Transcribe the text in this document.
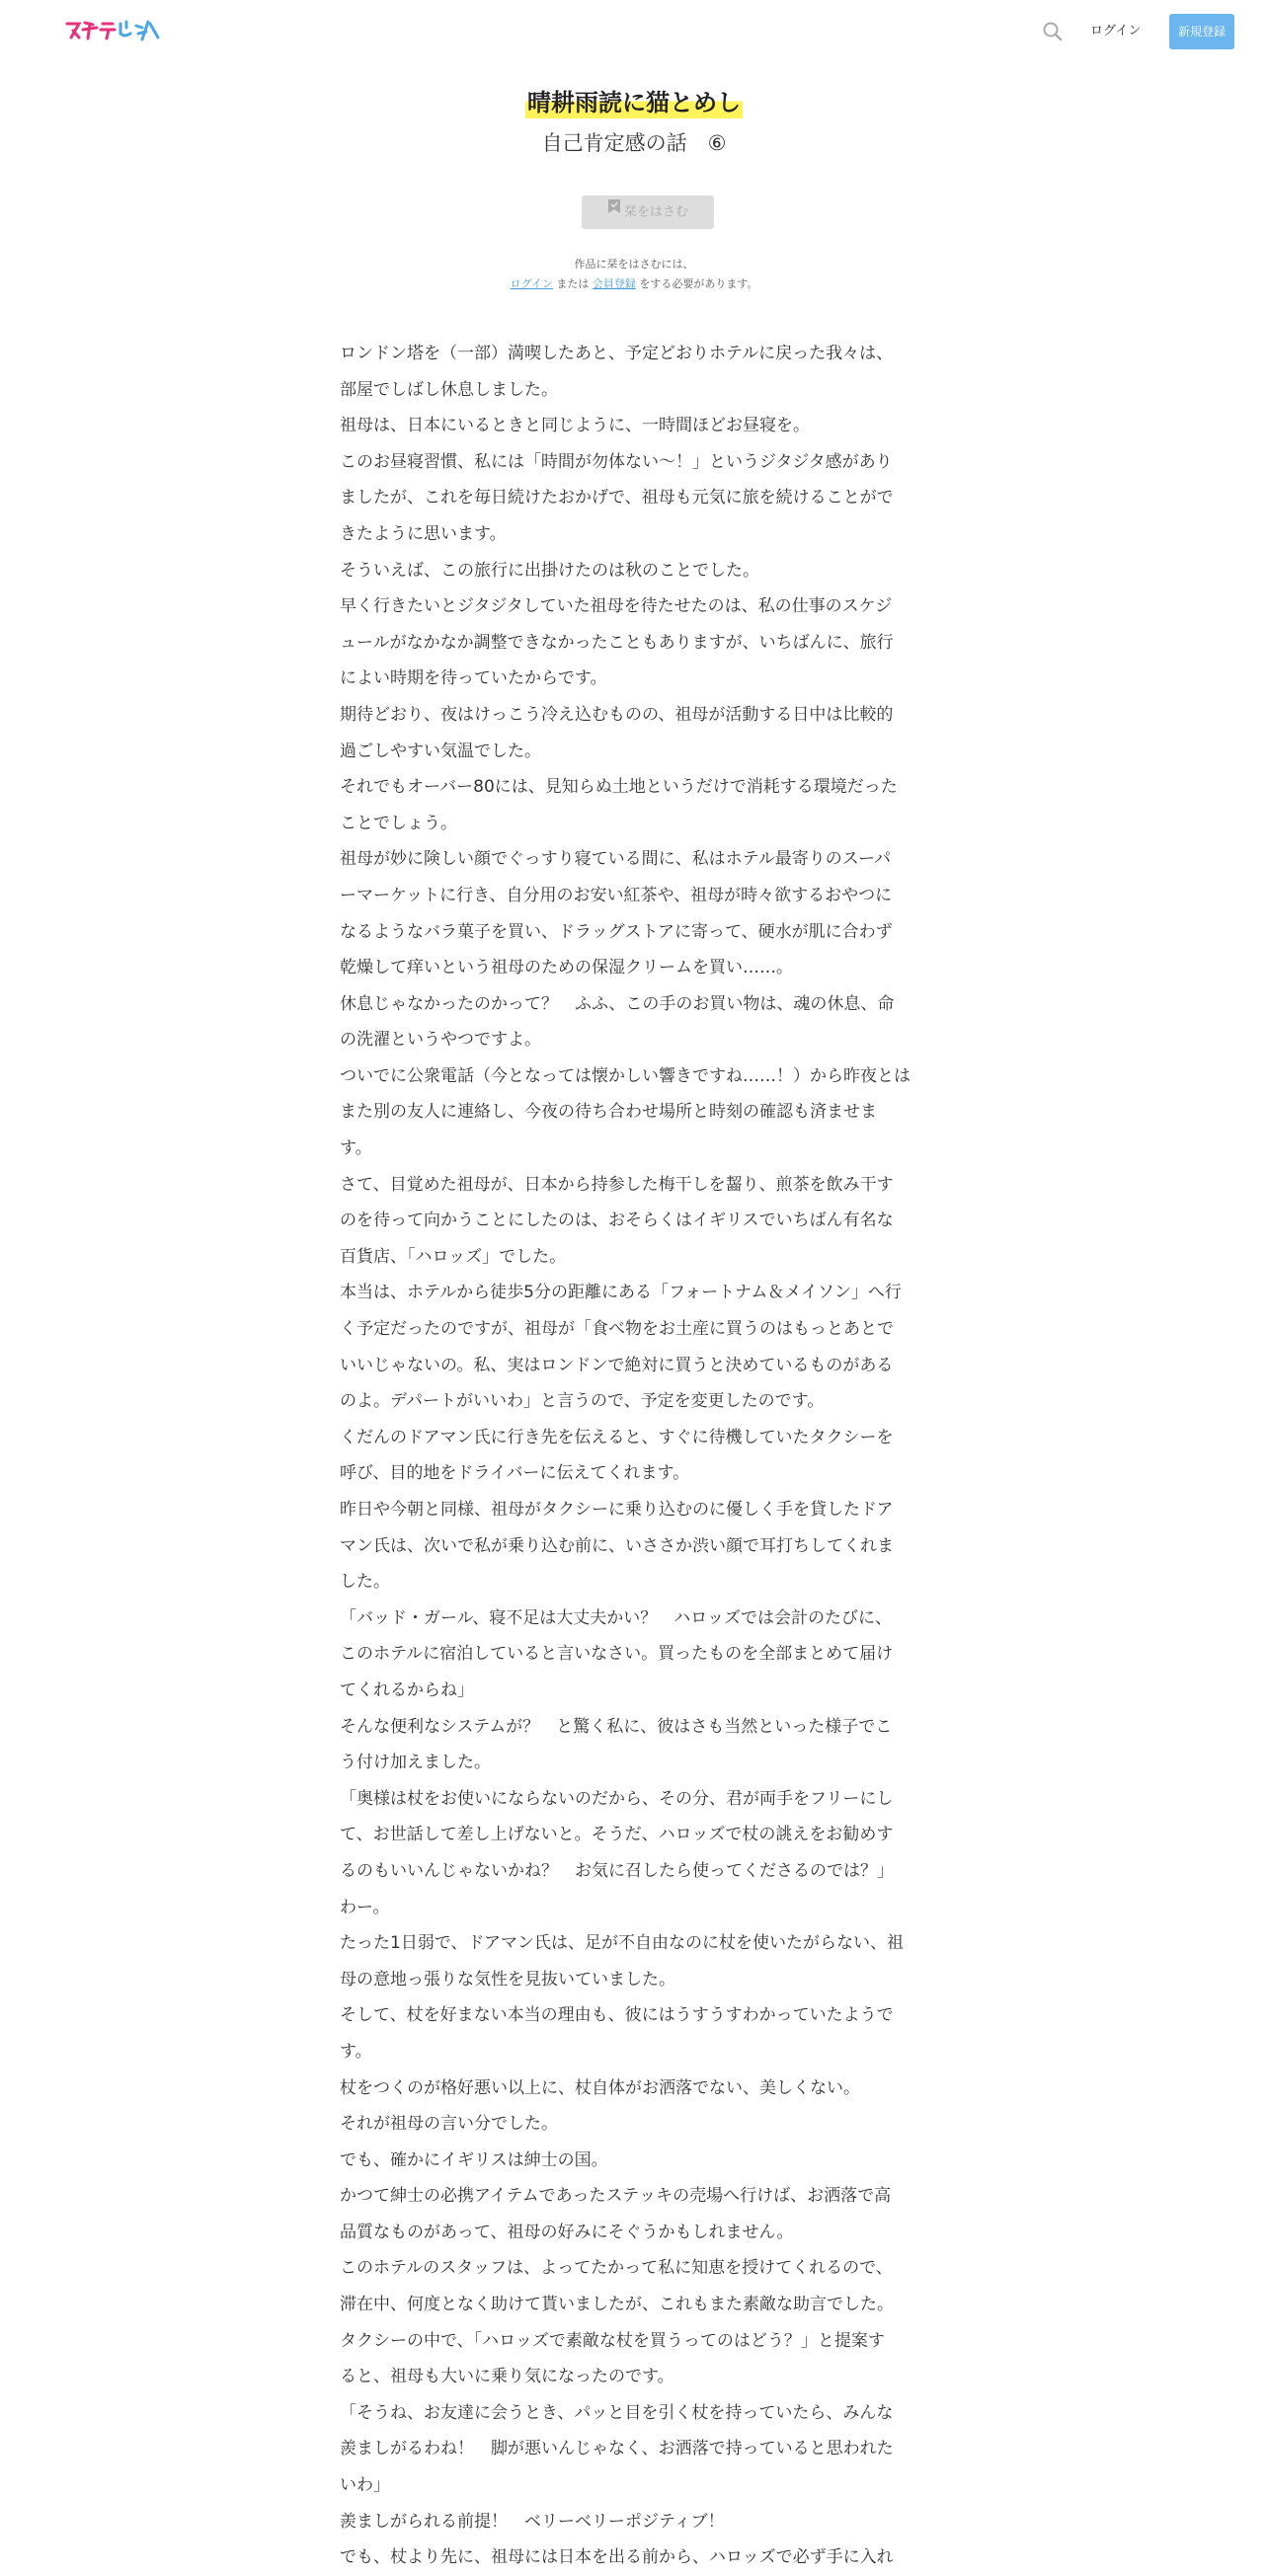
ログイン	新規登録
晴耕雨読に猫とめし
自己肯定感の話　⑥
栞をはさむ
作品に栞をはさむには、
ログイン または 会員登録 をする必要があります。

ロンドン塔を（一部）満喫したあと、予定どおりホテルに戻った我々は、

部屋でしばし休息しました。

祖母は、日本にいるときと同じように、一時間ほどお昼寝を。

このお昼寝習慣、私には「時間が勿体ない～！」というジタジタ感があり

ましたが、これを毎日続けたおかげで、祖母も元気に旅を続けることがで

きたように思います。

そういえば、この旅行に出掛けたのは秋のことでした。

早く行きたいとジタジタしていた祖母を待たせたのは、私の仕事のスケジ

ュールがなかなか調整できなかったこともありますが、いちばんに、旅行

によい時期を待っていたからです。

期待どおり、夜はけっこう冷え込むものの、祖母が活動する日中は比較的

過ごしやすい気温でした。

それでもオーバー80には、見知らぬ土地というだけで消耗する環境だった

ことでしょう。

祖母が妙に険しい顔でぐっすり寝ている間に、私はホテル最寄りのスーパ

ーマーケットに行き、自分用のお安い紅茶や、祖母が時々欲するおやつに

なるようなバラ菓子を買い、ドラッグストアに寄って、硬水が肌に合わず

乾燥して痒いという祖母のための保湿クリームを買い……。

休息じゃなかったのかって？　ふふ、この手のお買い物は、魂の休息、命

の洗濯というやつですよ。

ついでに公衆電話（今となっては懐かしい響きですね……！）から昨夜とは

また別の友人に連絡し、今夜の待ち合わせ場所と時刻の確認も済ませま

す。

さて、目覚めた祖母が、日本から持参した梅干しを齧り、煎茶を飲み干す

のを待って向かうことにしたのは、おそらくはイギリスでいちばん有名な

百貨店、「ハロッズ」でした。

本当は、ホテルから徒歩5分の距離にある「フォートナム＆メイソン」へ行

く予定だったのですが、祖母が「食べ物をお土産に買うのはもっとあとで

いいじゃないの。私、実はロンドンで絶対に買うと決めているものがある

のよ。デパートがいいわ」と言うので、予定を変更したのです。

くだんのドアマン氏に行き先を伝えると、すぐに待機していたタクシーを

呼び、目的地をドライバーに伝えてくれます。

昨日や今朝と同様、祖母がタクシーに乗り込むのに優しく手を貸したドア

マン氏は、次いで私が乗り込む前に、いささか渋い顔で耳打ちしてくれま

した。

「バッド・ガール、寝不足は大丈夫かい？　ハロッズでは会計のたびに、

このホテルに宿泊していると言いなさい。買ったものを全部まとめて届け

てくれるからね」

そんな便利なシステムが？　と驚く私に、彼はさも当然といった様子でこ

う付け加えました。

「奥様は杖をお使いにならないのだから、その分、君が両手をフリーにし

て、お世話して差し上げないと。そうだ、ハロッズで杖の誂えをお勧めす

るのもいいんじゃないかね？　お気に召したら使ってくださるのでは？」

わー。

たった1日弱で、ドアマン氏は、足が不自由なのに杖を使いたがらない、祖

母の意地っ張りな気性を見抜いていました。

そして、杖を好まない本当の理由も、彼にはうすうすわかっていたようで

す。

杖をつくのが格好悪い以上に、杖自体がお洒落でない、美しくない。

それが祖母の言い分でした。

でも、確かにイギリスは紳士の国。

かつて紳士の必携アイテムであったステッキの売場へ行けば、お洒落で高

品質なものがあって、祖母の好みにそぐうかもしれません。

このホテルのスタッフは、よってたかって私に知恵を授けてくれるので、

滞在中、何度となく助けて貰いましたが、これもまた素敵な助言でした。

タクシーの中で、「ハロッズで素敵な杖を買うってのはどう？」と提案す

ると、祖母も大いに乗り気になったのです。

「そうね、お友達に会うとき、パッと目を引く杖を持っていたら、みんな

羨ましがるわね！　脚が悪いんじゃなく、お洒落で持っていると思われた

いわ」

羨ましがられる前提！　ベリーベリーポジティブ！

でも、杖より先に、祖母には日本を出る前から、ハロッズで必ず手に入れ
